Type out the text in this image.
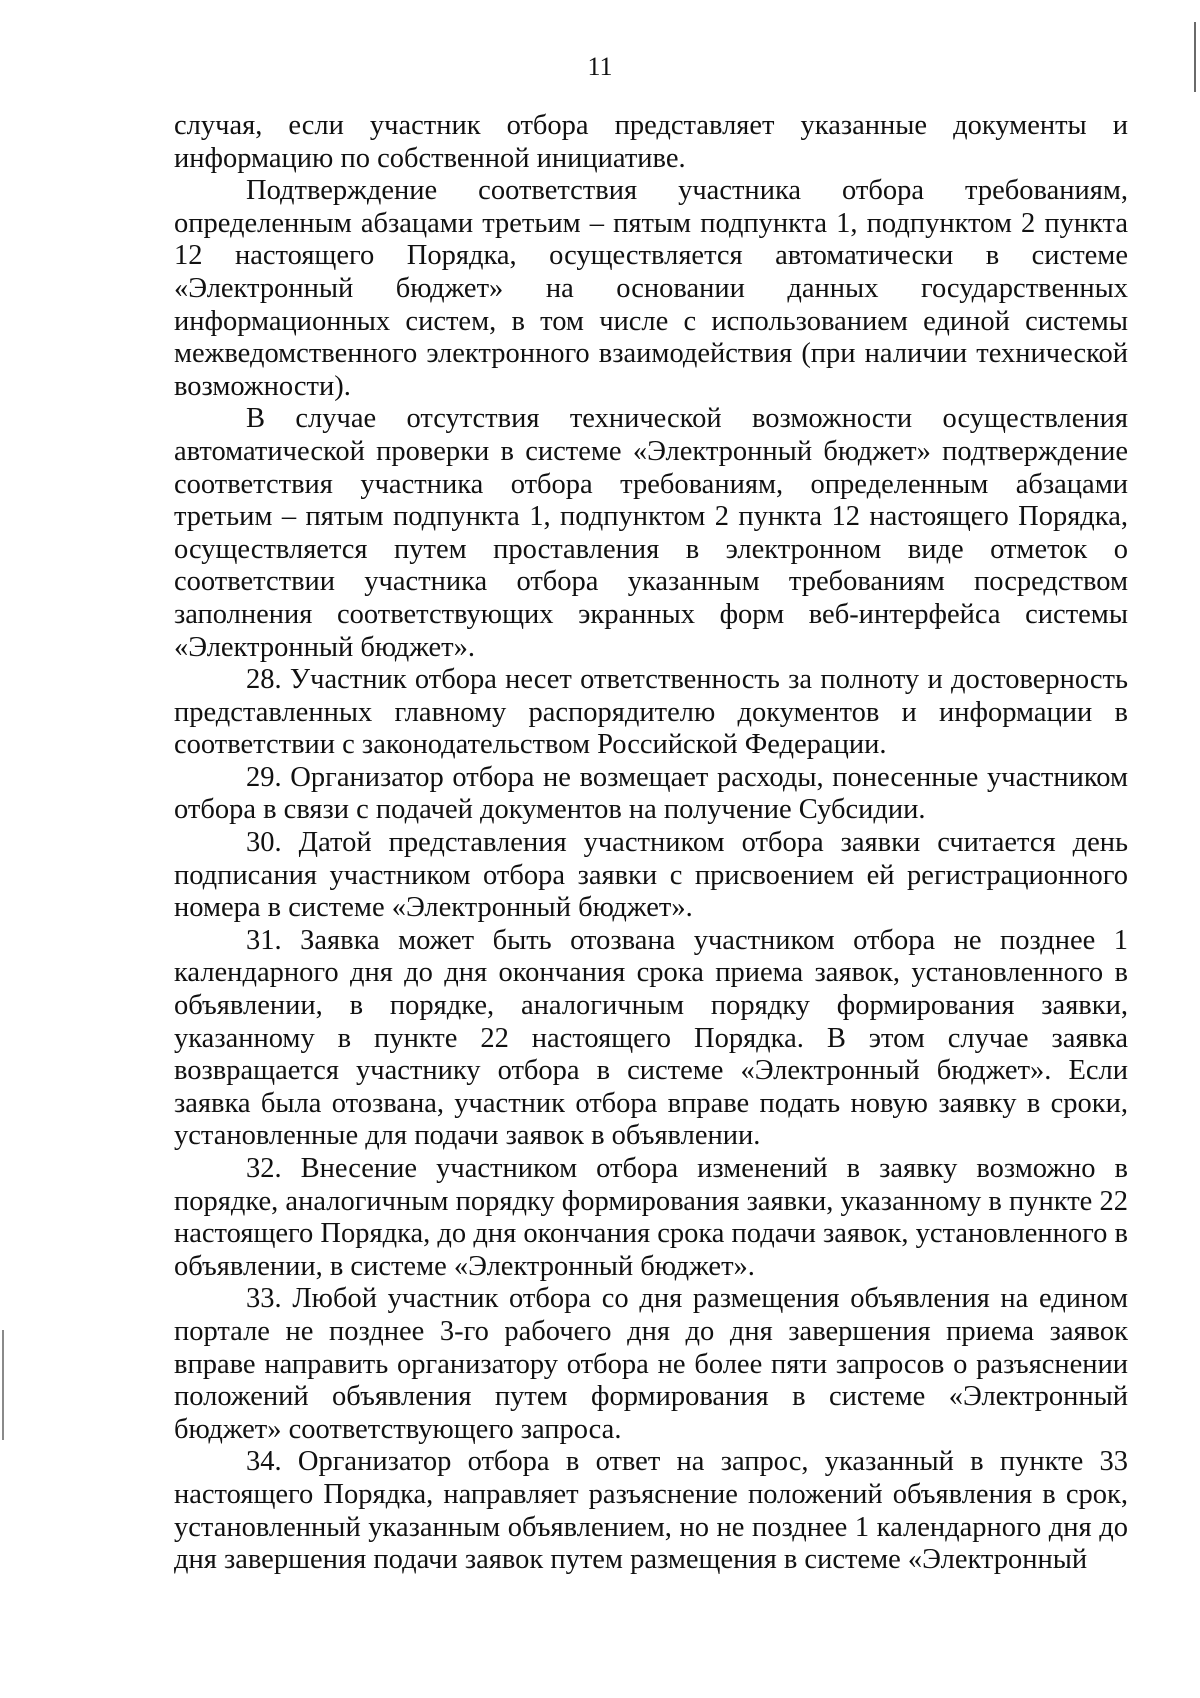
11

случая, если участник отбора представляет указанные документы и информацию по собственной инициативе.

Подтверждение соответствия участника отбора требованиям, определенным абзацами третьим – пятым подпункта 1, подпунктом 2 пункта 12 настоящего Порядка, осуществляется автоматически в системе «Электронный бюджет» на основании данных государственных информационных систем, в том числе с использованием единой системы межведомственного электронного взаимодействия (при наличии технической возможности).

В случае отсутствия технической возможности осуществления автоматической проверки в системе «Электронный бюджет» подтверждение соответствия участника отбора требованиям, определенным абзацами третьим – пятым подпункта 1, подпунктом 2 пункта 12 настоящего Порядка, осуществляется путем проставления в электронном виде отметок о соответствии участника отбора указанным требованиям посредством заполнения соответствующих экранных форм веб-интерфейса системы «Электронный бюджет».

28. Участник отбора несет ответственность за полноту и достоверность представленных главному распорядителю документов и информации в соответствии с законодательством Российской Федерации.

29. Организатор отбора не возмещает расходы, понесенные участником отбора в связи с подачей документов на получение Субсидии.

30. Датой представления участником отбора заявки считается день подписания участником отбора заявки с присвоением ей регистрационного номера в системе «Электронный бюджет».

31. Заявка может быть отозвана участником отбора не позднее 1 календарного дня до дня окончания срока приема заявок, установленного в объявлении, в порядке, аналогичным порядку формирования заявки, указанному в пункте 22 настоящего Порядка. В этом случае заявка возвращается участнику отбора в системе «Электронный бюджет». Если заявка была отозвана, участник отбора вправе подать новую заявку в сроки, установленные для подачи заявок в объявлении.

32. Внесение участником отбора изменений в заявку возможно в порядке, аналогичным порядку формирования заявки, указанному в пункте 22 настоящего Порядка, до дня окончания срока подачи заявок, установленного в объявлении, в системе «Электронный бюджет».

33. Любой участник отбора со дня размещения объявления на едином портале не позднее 3-го рабочего дня до дня завершения приема заявок вправе направить организатору отбора не более пяти запросов о разъяснении положений объявления путем формирования в системе «Электронный бюджет» соответствующего запроса.

34. Организатор отбора в ответ на запрос, указанный в пункте 33 настоящего Порядка, направляет разъяснение положений объявления в срок, установленный указанным объявлением, но не позднее 1 календарного дня до дня завершения подачи заявок путем размещения в системе «Электронный
